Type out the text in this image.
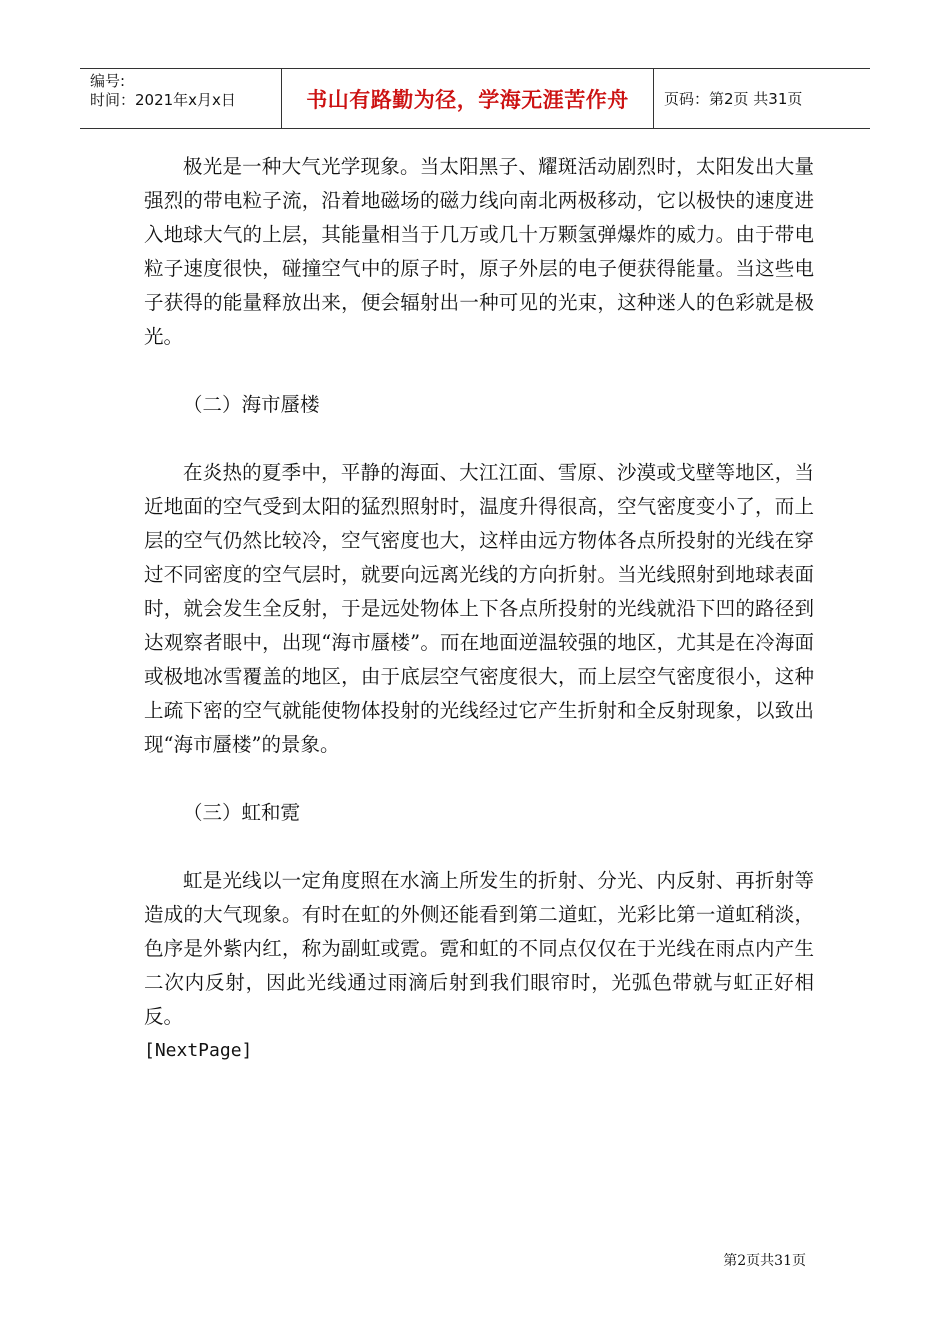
编号:
时间：2021年x月x日	书山有路勤为径，学海无涯苦作舟	页码：第2页 共31页

极光是一种大气光学现象。当太阳黑子、耀斑活动剧烈时，太阳发出大量强烈的带电粒子流，沿着地磁场的磁力线向南北两极移动，它以极快的速度进入地球大气的上层，其能量相当于几万或几十万颗氢弹爆炸的威力。由于带电粒子速度很快，碰撞空气中的原子时，原子外层的电子便获得能量。当这些电子获得的能量释放出来，便会辐射出一种可见的光束，这种迷人的色彩就是极光。

（二）海市蜃楼

在炎热的夏季中，平静的海面、大江江面、雪原、沙漠或戈壁等地区，当近地面的空气受到太阳的猛烈照射时，温度升得很高，空气密度变小了，而上层的空气仍然比较冷，空气密度也大，这样由远方物体各点所投射的光线在穿过不同密度的空气层时，就要向远离光线的方向折射。当光线照射到地球表面时，就会发生全反射，于是远处物体上下各点所投射的光线就沿下凹的路径到达观察者眼中，出现“海市蜃楼”。而在地面逆温较强的地区，尤其是在冷海面或极地冰雪覆盖的地区，由于底层空气密度很大，而上层空气密度很小，这种上疏下密的空气就能使物体投射的光线经过它产生折射和全反射现象，以致出现“海市蜃楼”的景象。

（三）虹和霓

虹是光线以一定角度照在水滴上所发生的折射、分光、内反射、再折射等造成的大气现象。有时在虹的外侧还能看到第二道虹，光彩比第一道虹稍淡，色序是外紫内红，称为副虹或霓。霓和虹的不同点仅仅在于光线在雨点内产生二次内反射，因此光线通过雨滴后射到我们眼帘时，光弧色带就与虹正好相反。

[NextPage]

第2页共31页
